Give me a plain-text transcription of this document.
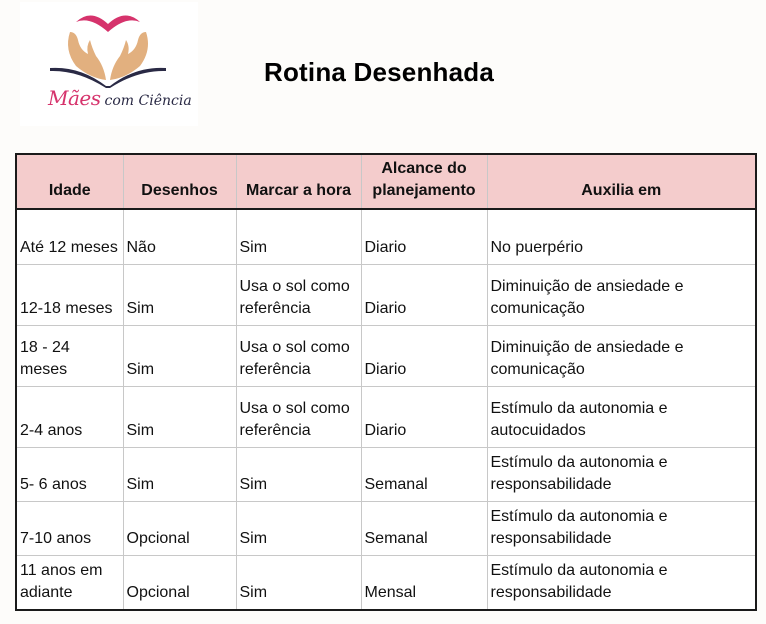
Mães com Ciência
Rotina Desenhada
Idade	Desenhos	Marcar a hora	Alcance do planejamento	Auxilia em
Até 12 meses	Não	Sim	Diario	No puerpério
12-18 meses	Sim	Usa o sol como referência	Diario	Diminuição de ansiedade e comunicação
18 - 24 meses	Sim	Usa o sol como referência	Diario	Diminuição de ansiedade e comunicação
2-4 anos	Sim	Usa o sol como referência	Diario	Estímulo da autonomia e autocuidados
5- 6 anos	Sim	Sim	Semanal	Estímulo da autonomia e responsabilidade
7-10 anos	Opcional	Sim	Semanal	Estímulo da autonomia e responsabilidade
11 anos em adiante	Opcional	Sim	Mensal	Estímulo da autonomia e responsabilidade
